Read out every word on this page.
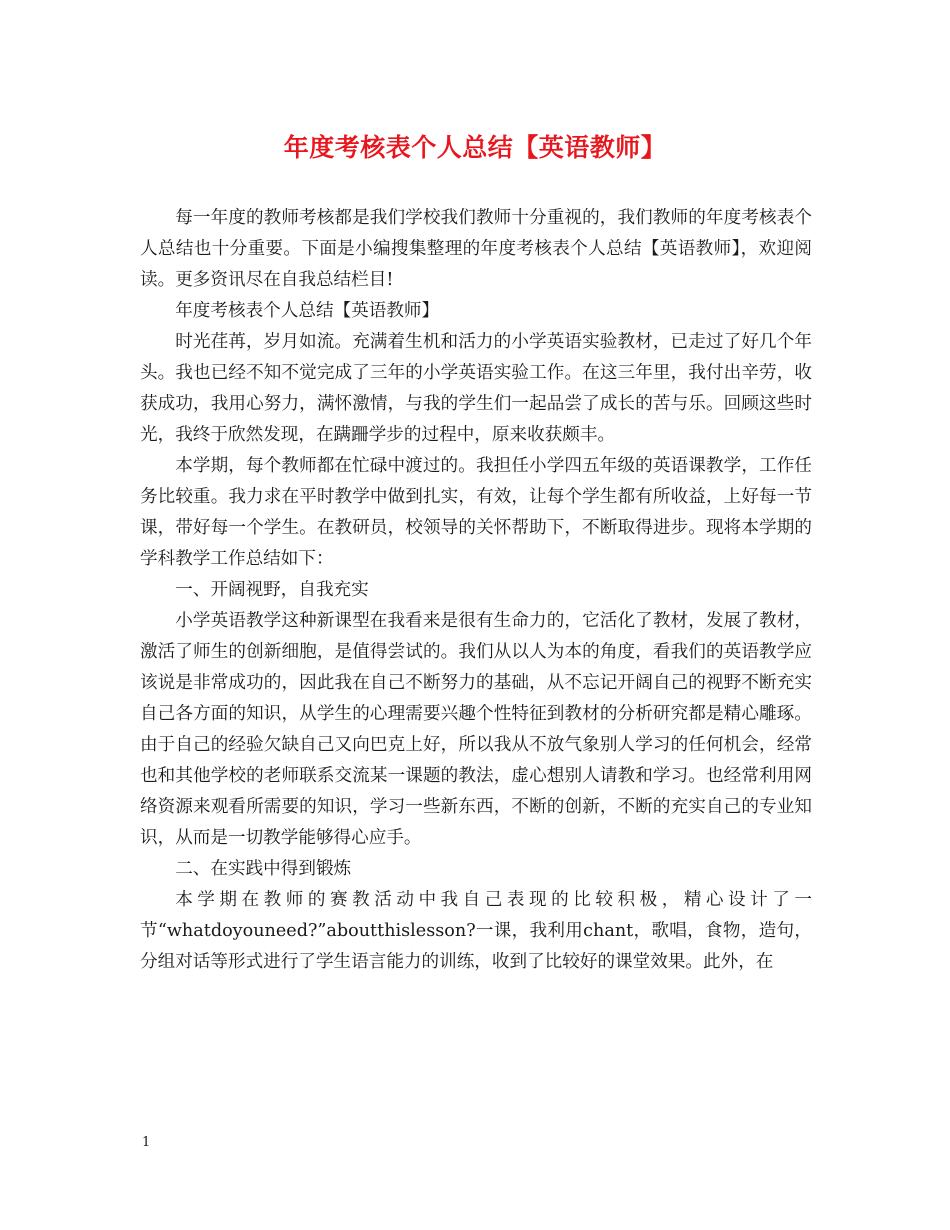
年度考核表个人总结【英语教师】

每一年度的教师考核都是我们学校我们教师十分重视的，我们教师的年度考核表个人总结也十分重要。下面是小编搜集整理的年度考核表个人总结【英语教师】，欢迎阅读。更多资讯尽在自我总结栏目!

年度考核表个人总结【英语教师】

时光荏苒，岁月如流。充满着生机和活力的小学英语实验教材，已走过了好几个年头。我也已经不知不觉完成了三年的小学英语实验工作。在这三年里，我付出辛劳，收获成功，我用心努力，满怀激情，与我的学生们一起品尝了成长的苦与乐。回顾这些时光，我终于欣然发现，在蹒跚学步的过程中，原来收获颇丰。

本学期，每个教师都在忙碌中渡过的。我担任小学四五年级的英语课教学，工作任务比较重。我力求在平时教学中做到扎实，有效，让每个学生都有所收益，上好每一节课，带好每一个学生。在教研员，校领导的关怀帮助下，不断取得进步。现将本学期的学科教学工作总结如下：

一、开阔视野，自我充实

小学英语教学这种新课型在我看来是很有生命力的，它活化了教材，发展了教材，激活了师生的创新细胞，是值得尝试的。我们从以人为本的角度，看我们的英语教学应该说是非常成功的，因此我在自己不断努力的基础，从不忘记开阔自己的视野不断充实自己各方面的知识，从学生的心理需要兴趣个性特征到教材的分析研究都是精心雕琢。由于自己的经验欠缺自己又向巴克上好，所以我从不放气象别人学习的任何机会，经常也和其他学校的老师联系交流某一课题的教法，虚心想别人请教和学习。也经常利用网络资源来观看所需要的知识，学习一些新东西，不断的创新，不断的充实自己的专业知识，从而是一切教学能够得心应手。

二、在实践中得到锻炼

本学期在教师的赛教活动中我自己表现的比较积极，精心设计了一节“whatdoyouneed?”aboutthislesson?一课，我利用chant，歌唱，食物，造句，分组对话等形式进行了学生语言能力的训练，收到了比较好的课堂效果。此外，在

1
